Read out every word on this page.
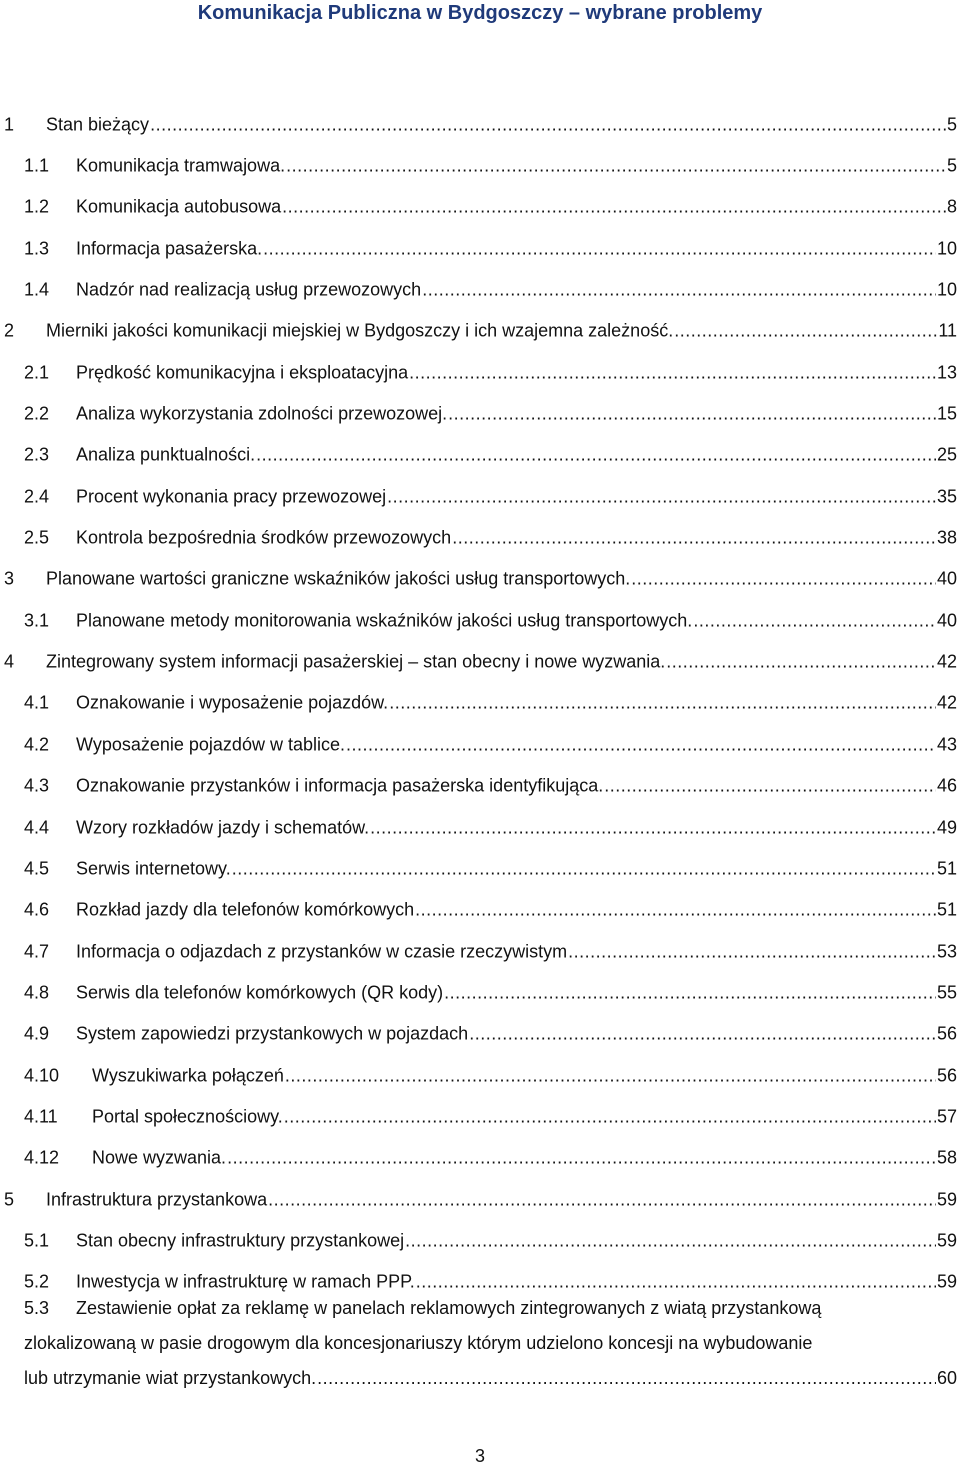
Komunikacja Publiczna w Bydgoszczy – wybrane problemy
1 Stan bieżący .....	5
1.1 Komunikacja tramwajowa. .....	5
1.2 Komunikacja autobusowa .....	8
1.3 Informacja pasażerska. .....	10
1.4 Nadzór nad realizacją usług przewozowych .....	10
2 Mierniki jakości komunikacji miejskiej w Bydgoszczy i ich wzajemna zależność. .....	11
2.1 Prędkość komunikacyjna i eksploatacyjna .....	13
2.2 Analiza wykorzystania zdolności przewozowej. .....	15
2.3 Analiza punktualności. .....	25
2.4 Procent wykonania pracy przewozowej .....	35
2.5 Kontrola bezpośrednia środków przewozowych .....	38
3 Planowane wartości graniczne wskaźników jakości usług transportowych. .....	40
3.1 Planowane metody monitorowania wskaźników jakości usług transportowych. .....	40
4 Zintegrowany system informacji pasażerskiej – stan obecny i nowe wyzwania. .....	42
4.1 Oznakowanie i wyposażenie pojazdów. .....	42
4.2 Wyposażenie pojazdów w tablice. .....	43
4.3 Oznakowanie przystanków i informacja pasażerska identyfikująca. .....	46
4.4 Wzory rozkładów jazdy i schematów. .....	49
4.5 Serwis internetowy. .....	51
4.6 Rozkład jazdy dla telefonów komórkowych .....	51
4.7 Informacja o odjazdach z przystanków w czasie rzeczywistym .....	53
4.8 Serwis dla telefonów komórkowych (QR kody) .....	55
4.9 System zapowiedzi przystankowych w pojazdach .....	56
4.10 Wyszukiwarka połączeń .....	56
4.11 Portal społecznościowy. .....	57
4.12 Nowe wyzwania. .....	58
5 Infrastruktura przystankowa .....	59
5.1 Stan obecny infrastruktury przystankowej .....	59
5.2 Inwestycja w infrastrukturę w ramach PPP. .....	59
5.3 Zestawienie opłat za reklamę w panelach reklamowych zintegrowanych z wiatą przystankową
zlokalizowaną w pasie drogowym dla koncesjonariuszy którym udzielono koncesji na wybudowanie
lub utrzymanie wiat przystankowych. .....	60
3
